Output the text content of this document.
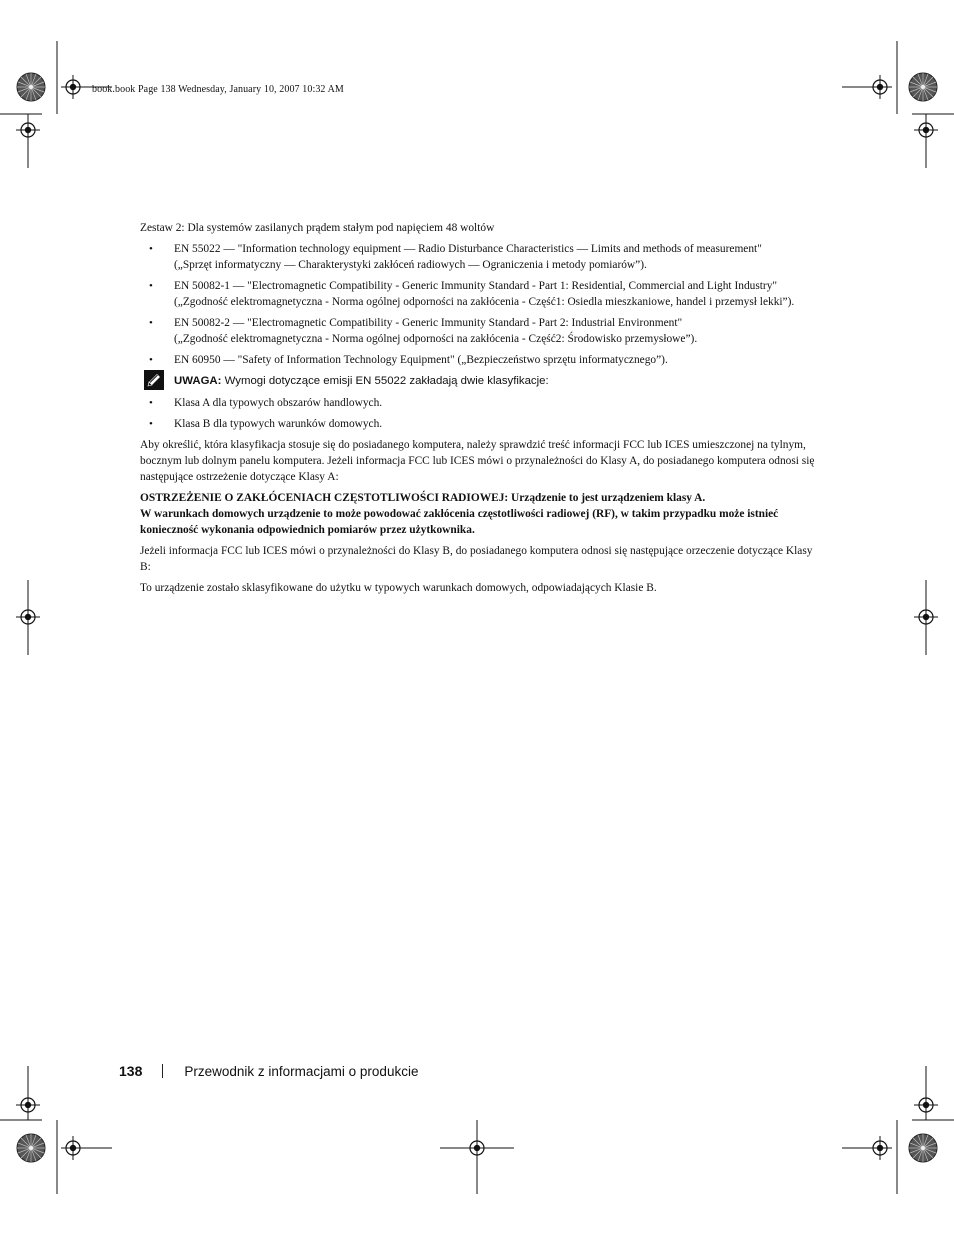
book.book Page 138 Wednesday, January 10, 2007 10:32 AM

Zestaw 2: Dla systemów zasilanych prądem stałym pod napięciem 48 woltów

• EN 55022 — "Information technology equipment — Radio Disturbance Characteristics — Limits and methods of measurement"
(„Sprzęt informatyczny — Charakterystyki zakłóceń radiowych — Ograniczenia i metody pomiarów”).
• EN 50082-1 — "Electromagnetic Compatibility - Generic Immunity Standard - Part 1: Residential, Commercial and Light Industry"
(„Zgodność elektromagnetyczna - Norma ogólnej odporności na zakłócenia - Część1: Osiedla mieszkaniowe, handel i przemysł lekki”).
• EN 50082-2 — "Electromagnetic Compatibility - Generic Immunity Standard - Part 2: Industrial Environment"
(„Zgodność elektromagnetyczna - Norma ogólnej odporności na zakłócenia - Część2: Środowisko przemysłowe”).
• EN 60950 — "Safety of Information Technology Equipment" („Bezpieczeństwo sprzętu informatycznego”).
UWAGA: Wymogi dotyczące emisji EN 55022 zakładają dwie klasyfikacje:
• Klasa A dla typowych obszarów handlowych.
• Klasa B dla typowych warunków domowych.

Aby określić, która klasyfikacja stosuje się do posiadanego komputera, należy sprawdzić treść informacji FCC lub ICES umieszczonej na tylnym, bocznym lub dolnym panelu komputera. Jeżeli informacja FCC lub ICES mówi o przynależności do Klasy A, do posiadanego komputera odnosi się następujące ostrzeżenie dotyczące Klasy A:

OSTRZEŻENIE O ZAKŁÓCENIACH CZĘSTOTLIWOŚCI RADIOWEJ: Urządzenie to jest urządzeniem klasy A.
W warunkach domowych urządzenie to może powodować zakłócenia częstotliwości radiowej (RF), w takim przypadku może istnieć konieczność wykonania odpowiednich pomiarów przez użytkownika.

Jeżeli informacja FCC lub ICES mówi o przynależności do Klasy B, do posiadanego komputera odnosi się następujące orzeczenie dotyczące Klasy B:

To urządzenie zostało sklasyfikowane do użytku w typowych warunkach domowych, odpowiadających Klasie B.

138	Przewodnik z informacjami o produkcie
